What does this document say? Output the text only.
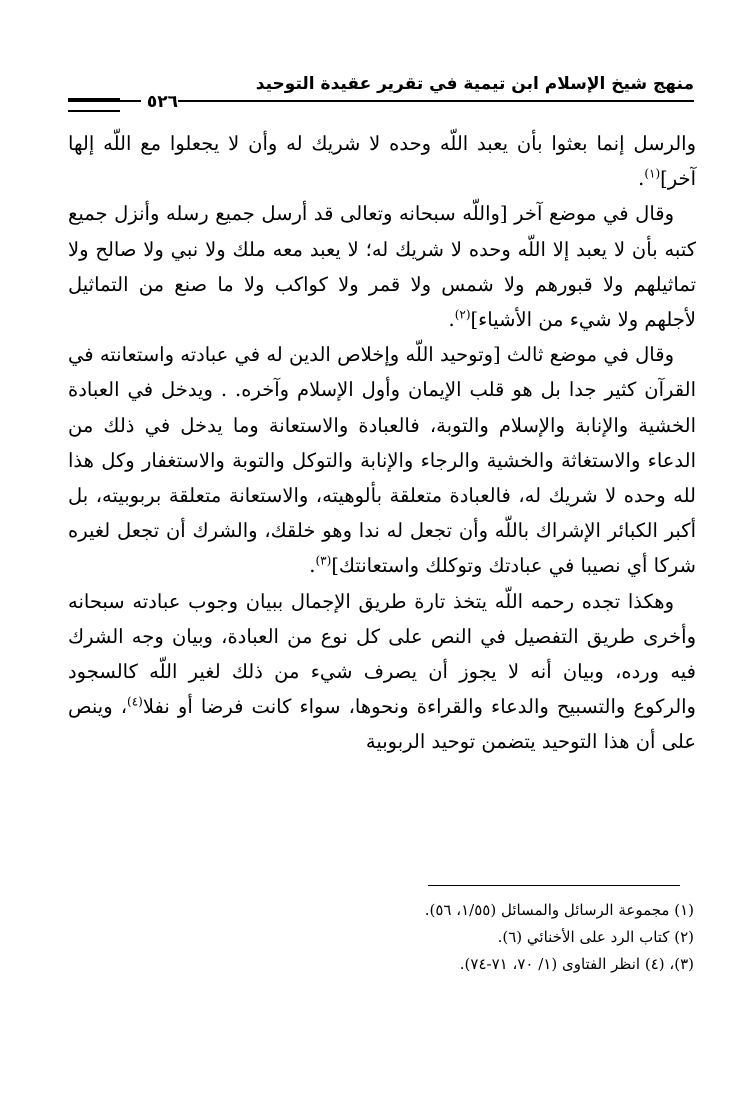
منهج شيخ الإسلام ابن تيمية في تقرير عقيدة التوحيد
٥٢٦

والرسل إنما بعثوا بأن يعبد اللّه وحده لا شريك له وأن لا يجعلوا مع اللّه إلها آخر]$^{(١)}$.

وقال في موضع آخر [واللّه سبحانه وتعالى قد أرسل جميع رسله وأنزل جميع كتبه بأن لا يعبد إلا اللّه وحده لا شريك له؛ لا يعبد معه ملك ولا نبي ولا صالح ولا تماثيلهم ولا قبورهم ولا شمس ولا قمر ولا كواكب ولا ما صنع من التماثيل لأجلهم ولا شيء من الأشياء]$^{(٢)}$.

وقال في موضع ثالث [وتوحيد اللّه وإخلاص الدين له في عبادته واستعانته في القرآن كثير جدا بل هو قلب الإيمان وأول الإسلام وآخره. . ويدخل في العبادة الخشية والإنابة والإسلام والتوبة، فالعبادة والاستعانة وما يدخل في ذلك من الدعاء والاستغاثة والخشية والرجاء والإنابة والتوكل والتوبة والاستغفار وكل هذا لله وحده لا شريك له، فالعبادة متعلقة بألوهيته، والاستعانة متعلقة بربوبيته، بل أكبر الكبائر الإشراك باللّه وأن تجعل له ندا وهو خلقك، والشرك أن تجعل لغيره شركا أي نصيبا في عبادتك وتوكلك واستعانتك]$^{(٣)}$.

وهكذا تجده رحمه اللّه يتخذ تارة طريق الإجمال ببيان وجوب عبادته سبحانه وأخرى طريق التفصيل في النص على كل نوع من العبادة، وبيان وجه الشرك فيه ورده، وبيان أنه لا يجوز أن يصرف شيء من ذلك لغير اللّه كالسجود والركوع والتسبيح والدعاء والقراءة ونحوها، سواء كانت فرضا أو نفلا$^{(٤)}$، وينص على أن هذا التوحيد يتضمن توحيد الربوبية

(١) مجموعة الرسائل والمسائل (١/٥٥، ٥٦).
(٢) كتاب الرد على الأخنائي (٦).
(٣)، (٤) انظر الفتاوى (١/ ٧٠، ٧١-٧٤).
